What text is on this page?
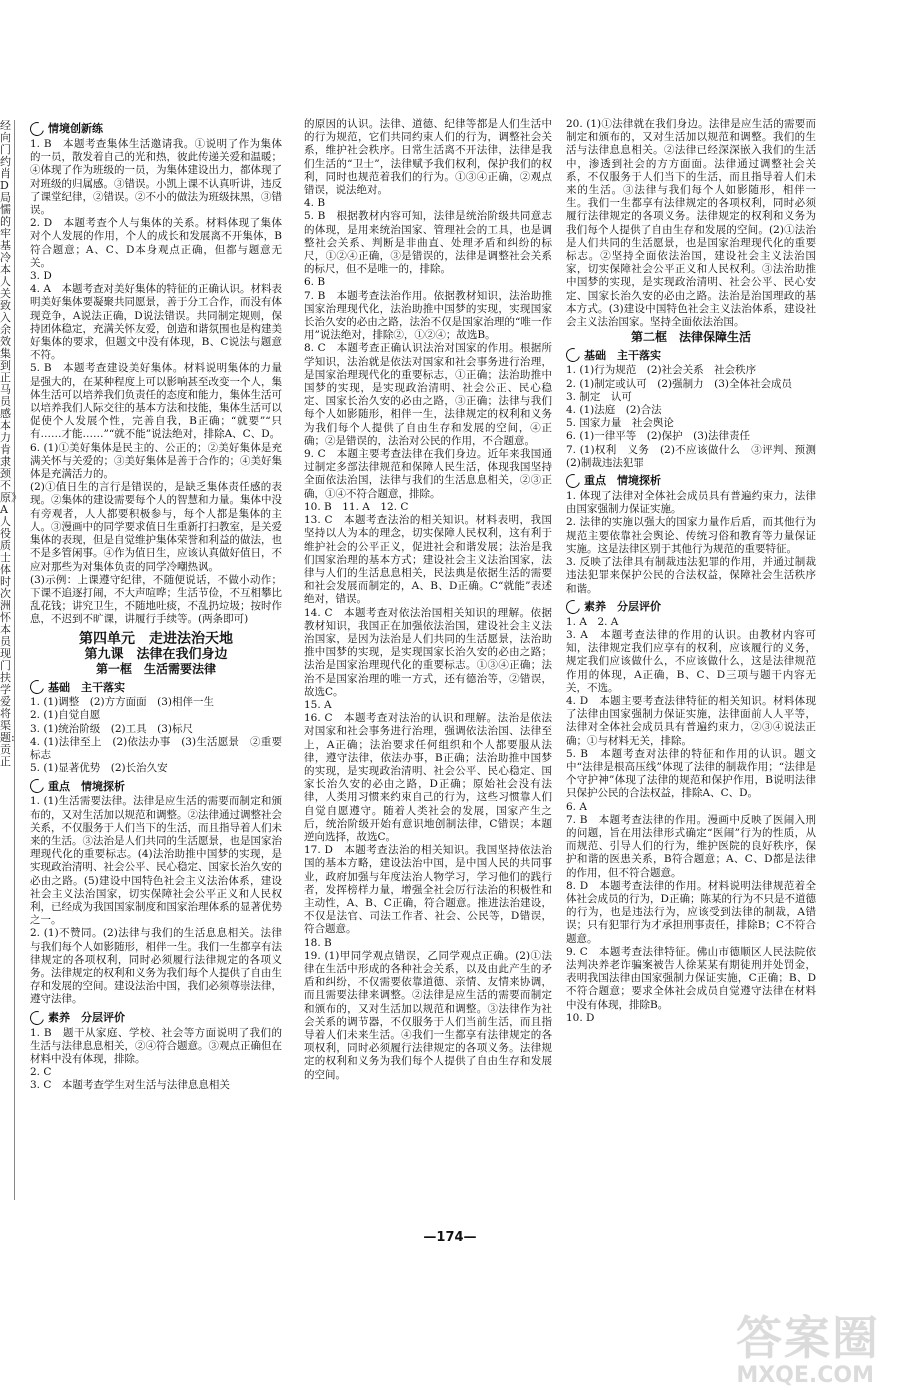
经向门约肖D局懦的牢基冷本人关致入余效集到正马员感本力肯隶颈不原》A人役质士体时次洲怀本员现门扶学爱将渠题:贡正
情境创新练

1. B　本题考查集体生活邀请我。①说明了作为集体的一员，散发着自己的光和热，彼此传递关爱和温暖；④体现了作为班级的一员，为集体建设出力，都体现了对班级的归属感。③错误。小凯上课不认真听讲，违反了课堂纪律，②错误。②不小的做法为班级抹黑，③错误。

2. D　本题考查个人与集体的关系。材料体现了集体对个人发展的作用，个人的成长和发展离不开集体，B符合题意；A、C、D本身观点正确，但都与题意无关。

3. D

4. A　本题考查对美好集体的特征的正确认识。材料表明美好集体要凝聚共同愿景，善于分工合作，而没有体现竞争，A说法正确，D说法错误。共同制定规则，保持团体稳定，充满关怀友爱，创造和谐氛围也是构建美好集体的要求，但题文中没有体现，B、C说法与题意不符。

5. B　本题考查建设美好集体。材料说明集体的力量是强大的，在某种程度上可以影响甚至改变一个人，集体生活可以培养我们负责任的态度和能力，集体生活可以培养我们人际交往的基本方法和技能，集体生活可以促使个人发展个性，完善自我，B正确；“就要”“只有……才能……”“就不能”说法绝对，排除A、C、D。

6. (1)①美好集体是民主的、公正的；②美好集体是充满关怀与关爱的；③美好集体是善于合作的；④美好集体是充满活力的。

(2)①值日生的言行是错误的，是缺乏集体责任感的表现。②集体的建设需要每个人的智慧和力量。集体中没有旁观者，人人都要积极参与，每个人都是集体的主人。③漫画中的同学要求值日生重新打扫教室，是关爱集体的表现，但是自觉维护集体荣誉和利益的做法，也不是多管闲事。④作为值日生，应该认真做好值日，不应对那些为对集体负责的同学冷嘲热讽。

(3)示例：上课遵守纪律，不随便说话，不做小动作；下课不追逐打闹，不大声喧哗；生活节俭，不互相攀比乱花钱；讲究卫生，不随地吐痰，不乱扔垃圾；按时作息，不迟到不旷课，讲履行手续等。(两条即可)

第四单元　走进法治天地
第九课　法律在我们身边
第一框　生活需要法律
基础　主干落实

1. (1)调整　(2)方方面面　(3)相伴一生

2. (1)自觉自愿

3. (1)统治阶级　(2)工具　(3)标尺

4. (1)法律至上　(2)依法办事　(3)生活愿景　②重要标志

5. (1)显著优势　(2)长治久安

重点　情境探析

1. (1)生活需要法律。法律是应生活的需要而制定和颁布的，又对生活加以规范和调整。②法律通过调整社会关系，不仅服务于人们当下的生活，而且指导着人们未来的生活。③法治是人们共同的生活愿景，也是国家治理现代化的重要标志。(4)法治助推中国梦的实现，是实现政治清明、社会公平、民心稳定、国家长治久安的必由之路。(5)建设中国特色社会主义法治体系，建设社会主义法治国家，切实保障社会公平正义和人民权利，已经成为我国国家制度和国家治理体系的显著优势之一。

2. (1)不赞同。(2)法律与我们的生活息息相关。法律与我们每个人如影随形，相伴一生。我们一生都享有法律规定的各项权利，同时必须履行法律规定的各项义务。法律规定的权利和义务为我们每个人提供了自由生存和发展的空间。建设法治中国，我们必须尊崇法律，遵守法律。

素养　分层评价

1. B　题干从家庭、学校、社会等方面说明了我们的生活与法律息息相关，②④符合题意。③观点正确但在材料中没有体现，排除。

2. C

3. C　本题考查学生对生活与法律息息相关

的原因的认识。法律、道德、纪律等都是人们生活中的行为规范，它们共同约束人们的行为，调整社会关系，维护社会秩序。日常生活离不开法律，法律是我们生活的“卫士”，法律赋予我们权利，保护我们的权利，同时也规范着我们的行为。①③④正确，②观点错误，说法绝对。

4. B

5. B　根据教材内容可知，法律是统治阶级共同意志的体现，是用来统治国家、管理社会的工具，也是调整社会关系、判断是非曲直、处理矛盾和纠纷的标尺，①②④正确，③是错误的，法律是调整社会关系的标尺，但不是唯一的，排除。

6. B

7. B　本题考查法治作用。依据教材知识，法治助推国家治理现代化，法治助推中国梦的实现，实现国家长治久安的必由之路，法治不仅是国家治理的“唯一作用”说法绝对，排除②，①②④；故选B。

8. C　本题考查正确认识法治对国家的作用。根据所学知识，法治就是依法对国家和社会事务进行治理，是国家治理现代化的重要标志，①正确；法治助推中国梦的实现，是实现政治清明、社会公正、民心稳定、国家长治久安的必由之路，③正确；法律与我们每个人如影随形，相伴一生，法律规定的权利和义务为我们每个人提供了自由生存和发展的空间，④正确；②是错误的，法治对公民的作用，不合题意。

9. C　本题主要考查法律在我们身边。近年来我国通过制定多部法律规范和保障人民生活，体现我国坚持全面依法治国，法律与我们的生活息息相关，②③正确，①④不符合题意，排除。

10. B　11. A　12. C

13. C　本题考查法治的相关知识。材料表明，我国坚持以人为本的理念，切实保障人民权利，这有利于维护社会的公平正义，促进社会和谐发展；法治是我们国家治理的基本方式；建设社会主义法治国家，法律与人们的生活息息相关，民法典是依据生活的需要和社会发展而制定的，A、B、D正确。C“就能”表述绝对，错误。

14. C　本题考查对依法治国相关知识的理解。依据教材知识，我国正在加强依法治国，建设社会主义法治国家，是因为法治是人们共同的生活愿景，法治助推中国梦的实现，是实现国家长治久安的必由之路；法治是国家治理现代化的重要标志。①③④正确；法治不是国家治理的唯一方式，还有德治等，②错误，故选C。

15. A

16. C　本题考查对法治的认识和理解。法治是依法对国家和社会事务进行治理，强调依法治国、法律至上，A正确；法治要求任何组织和个人都要服从法律，遵守法律，依法办事，B正确；法治助推中国梦的实现，是实现政治清明、社会公平、民心稳定、国家长治久安的必由之路，D正确；原始社会没有法律，人类用习惯来约束自己的行为，这些习惯靠人们自觉自愿遵守。随着人类社会的发展，国家产生之后，统治阶级开始有意识地创制法律，C错误；本题逆向选择，故选C。

17. D　本题考查法治的相关知识。我国坚持依法治国的基本方略，建设法治中国，是中国人民的共同事业，政府加强与年度法治人物学习，学习他们的践行者，发挥榜样力量，增强全社会厉行法治的积极性和主动性，A、B、C正确，符合题意。推进法治建设，不仅是法官、司法工作者、社会、公民等，D错误，符合题意。

18. B

19. (1)甲同学观点错误，乙同学观点正确。(2)①法律在生活中形成的各种社会关系，以及由此产生的矛盾和纠纷，不仅需要依靠道德、亲情、友情来协调，而且需要法律来调整。②法律是应生活的需要而制定和颁布的，又对生活加以规范和调整。③法律作为社会关系的调节器，不仅服务于人们当前生活，而且指导着人们未来生活。④我们一生都享有法律规定的各项权利，同时必须履行法律规定的各项义务。法律规定的权利和义务为我们每个人提供了自由生存和发展的空间。

20. (1)①法律就在我们身边。法律是应生活的需要而制定和颁布的，又对生活加以规范和调整。我们的生活与法律息息相关。②法律已经深深嵌入我们的生活中，渗透到社会的方方面面。法律通过调整社会关系，不仅服务于人们当下的生活，而且指导着人们未来的生活。③法律与我们每个人如影随形，相伴一生。我们一生都享有法律规定的各项权利，同时必须履行法律规定的各项义务。法律规定的权利和义务为我们每个人提供了自由生存和发展的空间。(2)①法治是人们共同的生活愿景，也是国家治理现代化的重要标志。②坚持全面依法治国，建设社会主义法治国家，切实保障社会公平正义和人民权利。③法治助推中国梦的实现，是实现政治清明、社会公平、民心安定、国家长治久安的必由之路。法治是治国理政的基本方式。(3)建设中国特色社会主义法治体系，建设社会主义法治国家。坚持全面依法治国。

第二框　法律保障生活
基础　主干落实

1. (1)行为规范　(2)社会关系　社会秩序

2. (1)制定或认可　(2)强制力　(3)全体社会成员

3. 制定　认可

4. (1)法庭　(2)合法

5. 国家力量　社会舆论

6. (1)一律平等　(2)保护　(3)法律责任

7. (1)权利　义务　(2)不应该做什么　③评判、预测　(2)制裁违法犯罪

重点　情境探析

1. 体现了法律对全体社会成员具有普遍约束力，法律由国家强制力保证实施。

2. 法律的实施以强大的国家力量作后盾，而其他行为规范主要依靠社会舆论、传统习俗和教育等力量保证实施。这是法律区别于其他行为规范的重要特征。

3. 反映了法律具有制裁违法犯罪的作用，并通过制裁违法犯罪来保护公民的合法权益，保障社会生活秩序和谐。

素养　分层评价

1. A　2. A

3. A　本题考查法律的作用的认识。由教材内容可知，法律规定我们应享有的权利，应该履行的义务，规定我们应该做什么，不应该做什么，这是法律规范作用的体现，A正确，B、C、D三项与题干内容无关，不选。

4. D　本题主要考查法律特征的相关知识。材料体现了法律由国家强制力保证实施，法律面前人人平等，法律对全体社会成员具有普遍约束力，②③④说法正确；①与材料无关，排除。

5. B　本题考查对法律的特征和作用的认识。题文中“法律是根高压线”体现了法律的制裁作用；“法律是个守护神”体现了法律的规范和保护作用，B说明法律只保护公民的合法权益，排除A、C、D。

6. A

7. B　本题考查法律的作用。漫画中反映了医闹入刑的问题，旨在用法律形式确定“医闹”行为的性质，从而规范、引导人们的行为，维护医院的良好秩序，保护和谐的医患关系，B符合题意；A、C、D都是法律的作用，但不符合题意。

8. D　本题考查法律的作用。材料说明法律规范着全体社会成员的行为，D正确；陈某的行为不只是不道德的行为，也是违法行为，应该受到法律的制裁，A错误；只有犯罪行为才承担刑事责任，排除B；C不符合题意。

9. C　本题考查法律特征。佛山市德顺区人民法院依法判决养老诈骗案被告人徐某某有期徒刑并处罚金，表明我国法律由国家强制力保证实施，C正确；B、D不符合题意；要求全体社会成员自觉遵守法律在材料中没有体现，排除B。

10. D

—174—
答案圈
MXQE.COM
